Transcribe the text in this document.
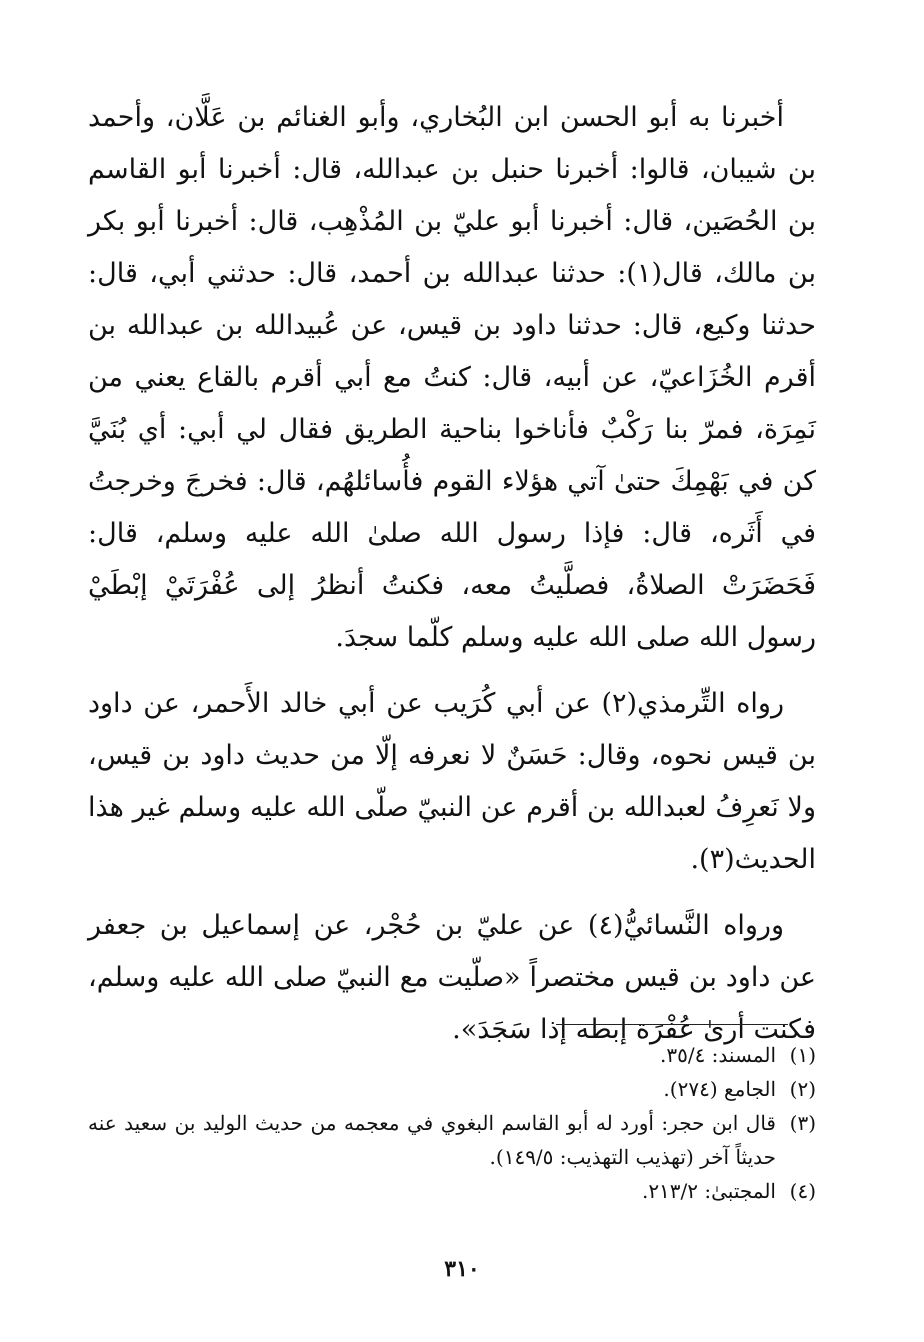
أخبرنا به أبو الحسن ابن البُخاري، وأبو الغنائم بن عَلَّان، وأحمد بن شيبان، قالوا: أخبرنا حنبل بن عبدالله، قال: أخبرنا أبو القاسم بن الحُصَين، قال: أخبرنا أبو عليّ بن المُذْهِب، قال: أخبرنا أبو بكر بن مالك، قال(١): حدثنا عبدالله بن أحمد، قال: حدثني أبي، قال: حدثنا وكيع، قال: حدثنا داود بن قيس، عن عُبيدالله بن عبدالله بن أقرم الخُزَاعيّ، عن أبيه، قال: كنتُ مع أبي أقرم بالقاع يعني من نَمِرَة، فمرّ بنا رَكْبٌ فأناخوا بناحية الطريق فقال لي أبي: أي بُنَيَّ كن في بَهْمِكَ حتىٰ آتي هؤلاء القوم فأُسائلهُم، قال: فخرجَ وخرجتُ في أَثَره، قال: فإذا رسول الله صلىٰ الله عليه وسلم، قال: فَحَضَرَتْ الصلاةُ، فصلَّيتُ معه، فكنتُ أنظرُ إلى عُفْرَتَيْ إبْطَيْ رسول الله صلى الله عليه وسلم كلّما سجدَ.

رواه التِّرمذي(٢) عن أبي كُرَيب عن أبي خالد الأَحمر، عن داود بن قيس نحوه، وقال: حَسَنٌ لا نعرفه إلّا من حديث داود بن قيس، ولا نَعرِفُ لعبدالله بن أقرم عن النبيّ صلّى الله عليه وسلم غير هذا الحديث(٣).

ورواه النَّسائيُّ(٤) عن عليّ بن حُجْر، عن إسماعيل بن جعفر عن داود بن قيس مختصراً «صلّيت مع النبيّ صلى الله عليه وسلم، فكنت أرىٰ عُفْرَة إبطه إذا سَجَدَ».

(١)
المسند: ٣٥/٤.
(٢)
الجامع (٢٧٤).
(٣)
قال ابن حجر: أورد له أبو القاسم البغوي في معجمه من حديث الوليد بن سعيد عنه حديثاً آخر (تهذيب التهذيب: ١٤٩/٥).
(٤)
المجتبىٰ: ٢١٣/٢.
٣١٠
